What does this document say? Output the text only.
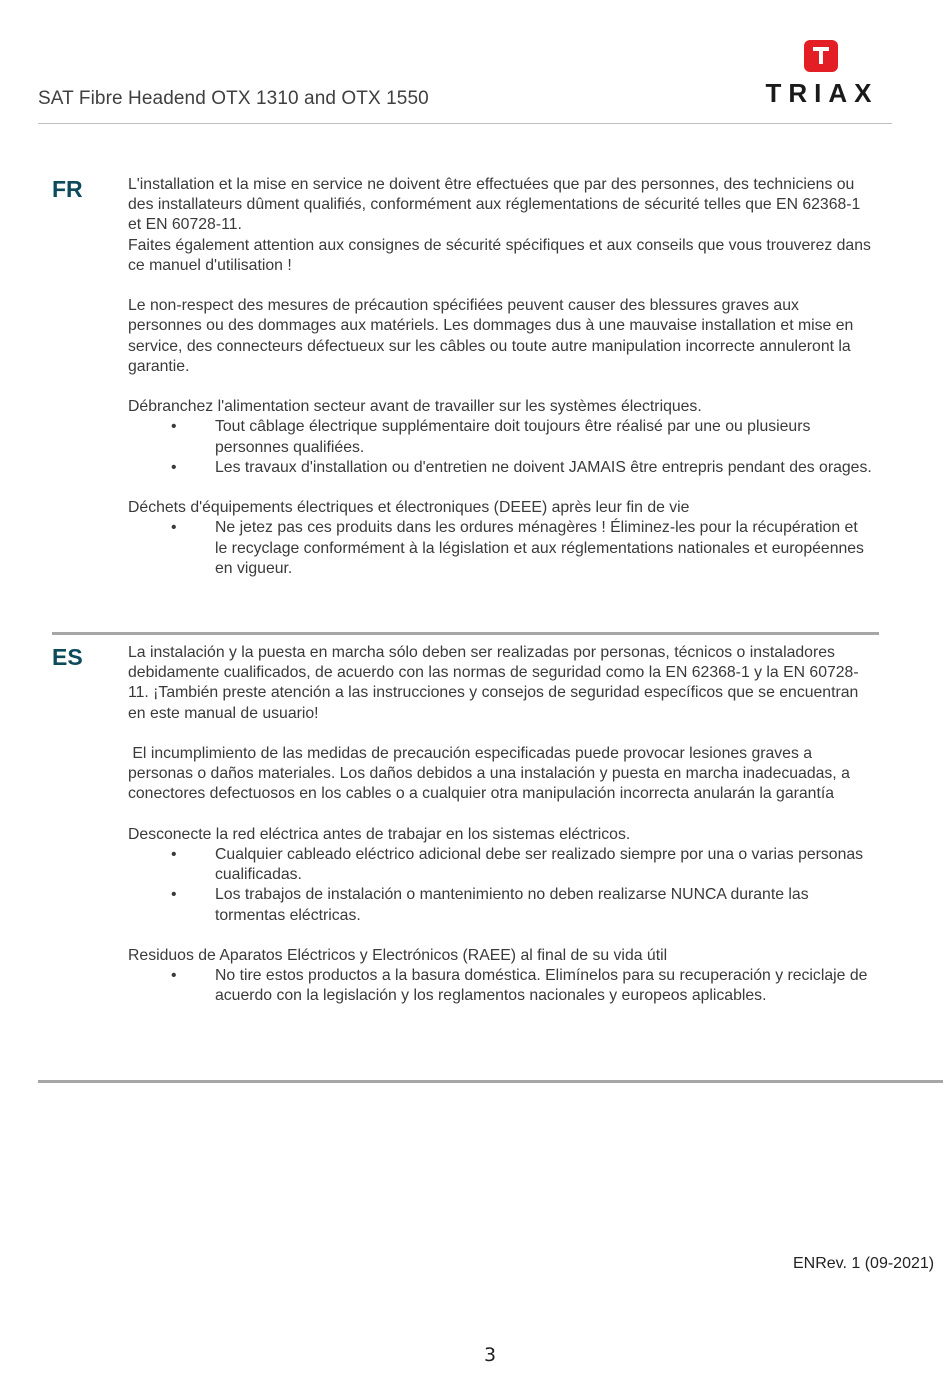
SAT Fibre Headend OTX 1310 and OTX 1550	TRIAX
FR	L'installation et la mise en service ne doivent être effectuées que par des personnes, des techniciens ou des installateurs dûment qualifiés, conformément aux réglementations de sécurité telles que EN 62368-1 et EN 60728-11.

Faites également attention aux consignes de sécurité spécifiques et aux conseils que vous trouverez dans ce manuel d'utilisation !

Le non-respect des mesures de précaution spécifiées peuvent causer des blessures graves aux personnes ou des dommages aux matériels. Les dommages dus à une mauvaise installation et mise en service, des connecteurs défectueux sur les câbles ou toute autre manipulation incorrecte annuleront la garantie.

Débranchez l'alimentation secteur avant de travailler sur les systèmes électriques.

• Tout câblage électrique supplémentaire doit toujours être réalisé par une ou plusieurs personnes qualifiées.
• Les travaux d'installation ou d'entretien ne doivent JAMAIS être entrepris pendant des orages.

Déchets d'équipements électriques et électroniques (DEEE) après leur fin de vie

• Ne jetez pas ces produits dans les ordures ménagères ! Éliminez-les pour la récupération et le recyclage conformément à la législation et aux réglementations nationales et européennes en vigueur.
ES	La instalación y la puesta en marcha sólo deben ser realizadas por personas, técnicos o instaladores debidamente cualificados, de acuerdo con las normas de seguridad como la EN 62368-1 y la EN 60728-11. ¡También preste atención a las instrucciones y consejos de seguridad específicos que se encuentran en este manual de usuario!

El incumplimiento de las medidas de precaución especificadas puede provocar lesiones graves a personas o daños materiales. Los daños debidos a una instalación y puesta en marcha inadecuadas, a conectores defectuosos en los cables o a cualquier otra manipulación incorrecta anularán la garantía

Desconecte la red eléctrica antes de trabajar en los sistemas eléctricos.

• Cualquier cableado eléctrico adicional debe ser realizado siempre por una o varias personas cualificadas.
• Los trabajos de instalación o mantenimiento no deben realizarse NUNCA durante las tormentas eléctricas.

Residuos de Aparatos Eléctricos y Electrónicos (RAEE) al final de su vida útil

• No tire estos productos a la basura doméstica. Elimínelos para su recuperación y reciclaje de acuerdo con la legislación y los reglamentos nacionales y europeos aplicables.
ENRev. 1 (09-2021)
3
